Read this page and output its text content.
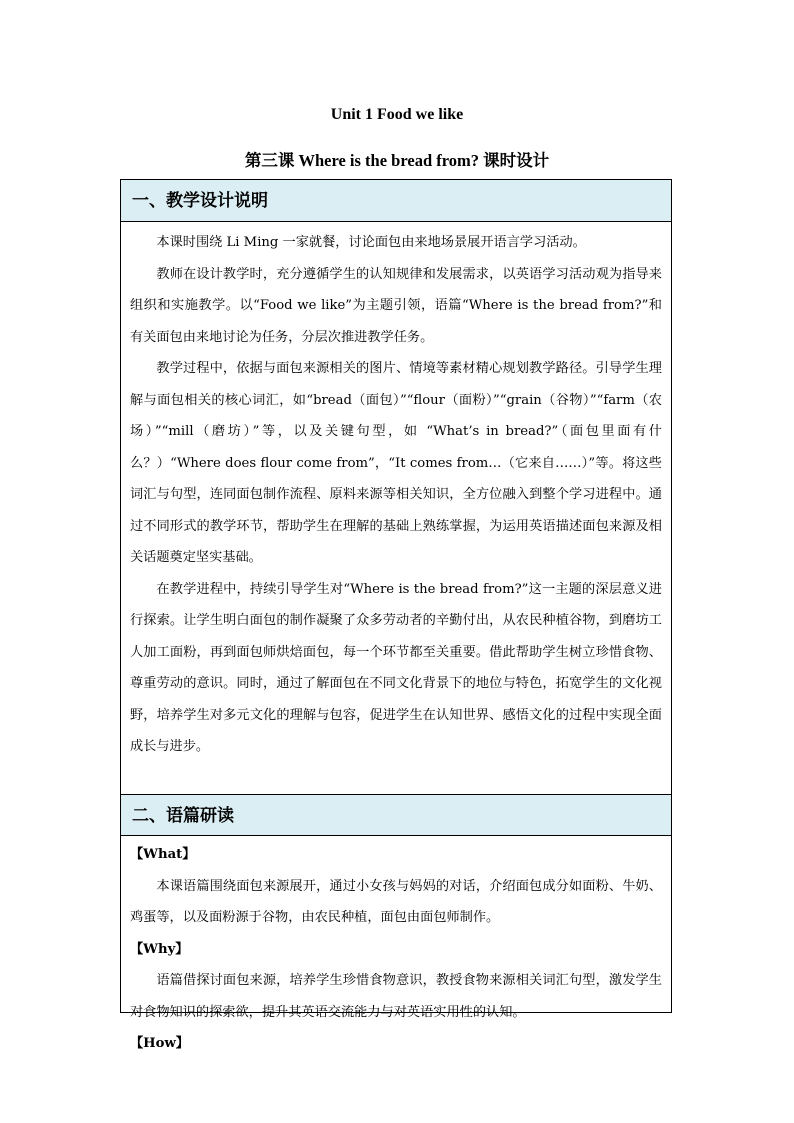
Unit 1 Food we like
第三课 Where is the bread from? 课时设计
一、教学设计说明

本课时围绕 Li Ming 一家就餐，讨论面包由来地场景展开语言学习活动。

教师在设计教学时，充分遵循学生的认知规律和发展需求，以英语学习活动观为指导来组织和实施教学。以“Food we like”为主题引领，语篇“Where is the bread from?”和有关面包由来地讨论为任务，分层次推进教学任务。

教学过程中，依据与面包来源相关的图片、情境等素材精心规划教学路径。引导学生理解与面包相关的核心词汇，如“bread（面包）”“flour（面粉）”“grain（谷物）”“farm（农场）”“mill（磨坊）”等，以及关键句型，如 “What’s in bread?”（面包里面有什么？）“Where does flour come from”，“It comes from…（它来自……）”等。将这些词汇与句型，连同面包制作流程、原料来源等相关知识，全方位融入到整个学习进程中。通过不同形式的教学环节，帮助学生在理解的基础上熟练掌握，为运用英语描述面包来源及相关话题奠定坚实基础。

在教学进程中，持续引导学生对“Where is the bread from?”这一主题的深层意义进行探索。让学生明白面包的制作凝聚了众多劳动者的辛勤付出，从农民种植谷物，到磨坊工人加工面粉，再到面包师烘焙面包，每一个环节都至关重要。借此帮助学生树立珍惜食物、尊重劳动的意识。同时，通过了解面包在不同文化背景下的地位与特色，拓宽学生的文化视野，培养学生对多元文化的理解与包容，促进学生在认知世界、感悟文化的过程中实现全面成长与进步。

二、语篇研读

【What】

本课语篇围绕面包来源展开，通过小女孩与妈妈的对话，介绍面包成分如面粉、牛奶、鸡蛋等，以及面粉源于谷物，由农民种植，面包由面包师制作。

【Why】

语篇借探讨面包来源，培养学生珍惜食物意识，教授食物来源相关词汇句型，激发学生对食物知识的探索欲，提升其英语交流能力与对英语实用性的认知。

【How】
